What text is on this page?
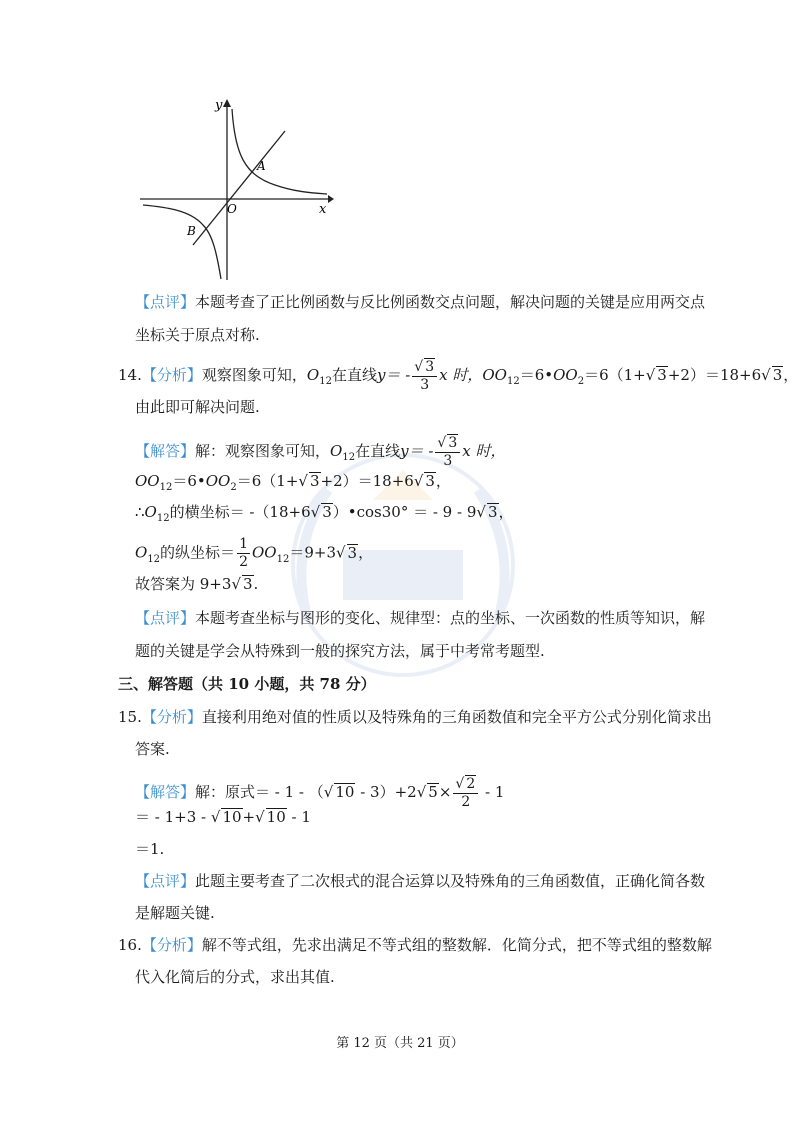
y
x
O
A
B
【点评】本题考查了正比例函数与反比例函数交点问题，解决问题的关键是应用两交点
坐标关于原点对称.
14.【分析】观察图象可知，$O_{12}$在直线$y= - \frac{√ 3}{3}$ x 时，$OO_{12}=6•OO_2=6(1+√$ 3+2）＝18+6√ 3，
由此即可解决问题.
【解答】解：观察图象可知，$O_{12}$在直线$y= - \frac{√ 3}{3}$ x 时，
$OO_{12}=6•OO_2=6(1+√$ 3+2）＝18+6√ 3，
$\therefore O_{12}$的横坐标＝ -（18+6√ 3）•cos30° ＝ - 9 - 9√ 3，
$O_{12}$的纵坐标＝ $\frac{1}{2} OO_{12}=9+3√$ 3，
故答案为 9+3√ 3.
【点评】本题考查坐标与图形的变化、规律型：点的坐标、一次函数的性质等知识，解
题的关键是学会从特殊到一般的探究方法，属于中考常考题型.
三、解答题（共 10 小题，共 78 分）
15.【分析】直接利用绝对值的性质以及特殊角的三角函数值和完全平方公式分别化简求出
答案.
【解答】解：原式＝ - 1 - （√ 10 - 3）+2√ $5\times \frac{√ 2}{2} - 1$
＝ - 1+3 - √ 10+√ 10 - 1
＝1.
【点评】此题主要考查了二次根式的混合运算以及特殊角的三角函数值，正确化简各数
是解题关键.
16.【分析】解不等式组，先求出满足不等式组的整数解．化简分式，把不等式组的整数解
代入化简后的分式，求出其值.
第 12 页（共 21 页）
